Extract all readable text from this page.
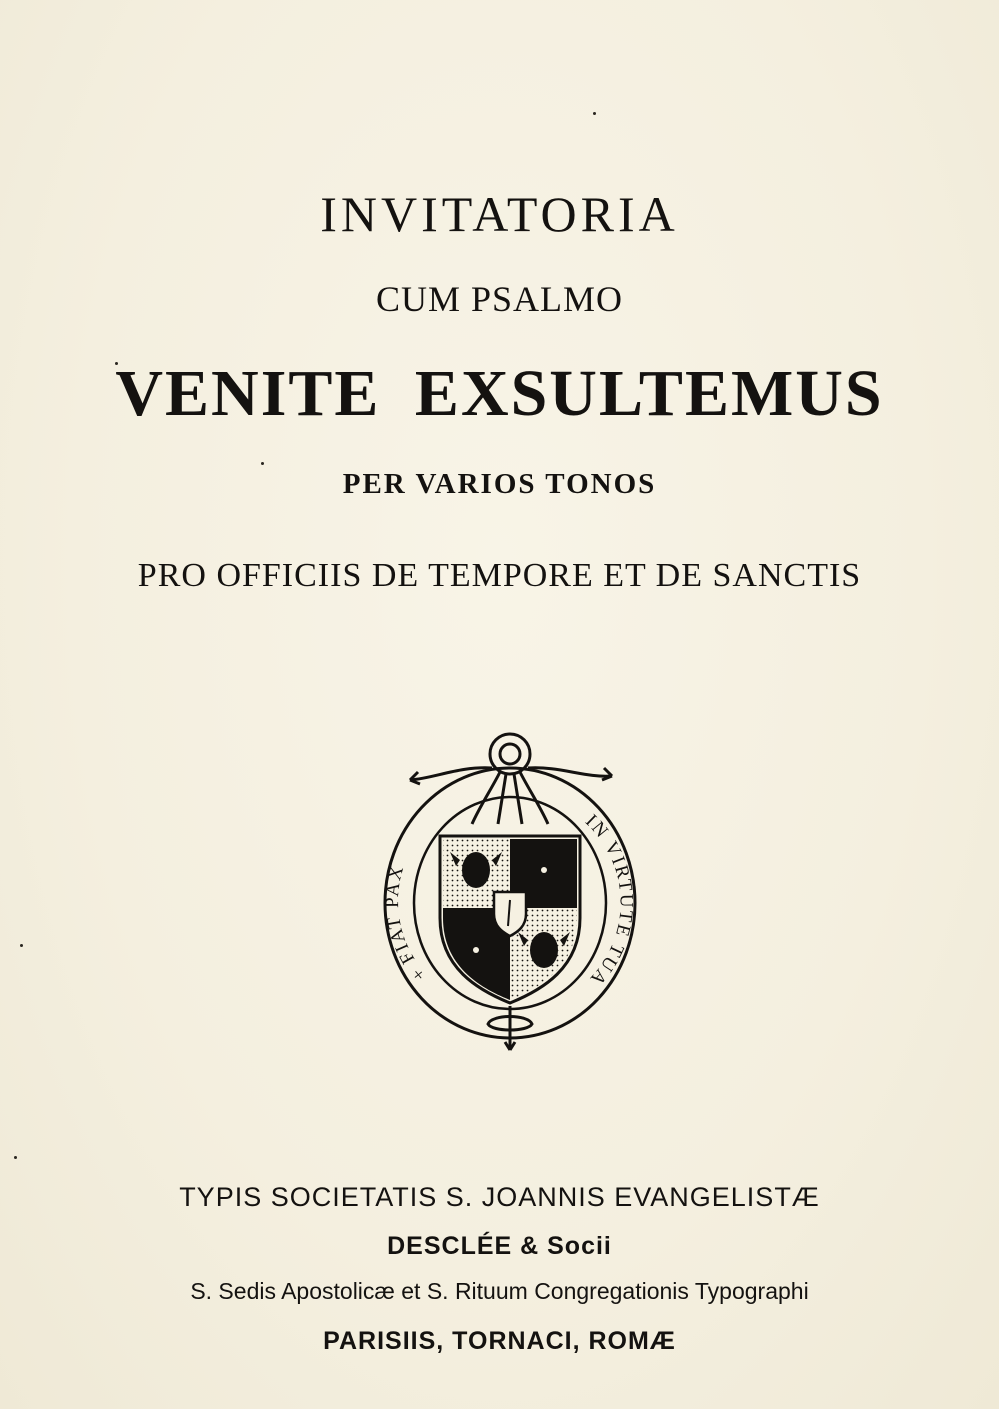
INVITATORIA
CUM PSALMO
VENITE EXSULTEMUS
PER VARIOS TONOS
PRO OFFICIIS DE TEMPORE ET DE SANCTIS
+ FIAT PAX
IN VIRTUTE TUA
TYPIS SOCIETATIS S. JOANNIS EVANGELISTÆ
DESCLÉE & Socii
S. Sedis Apostolicæ et S. Rituum Congregationis Typographi
PARISIIS, TORNACI, ROMÆ
